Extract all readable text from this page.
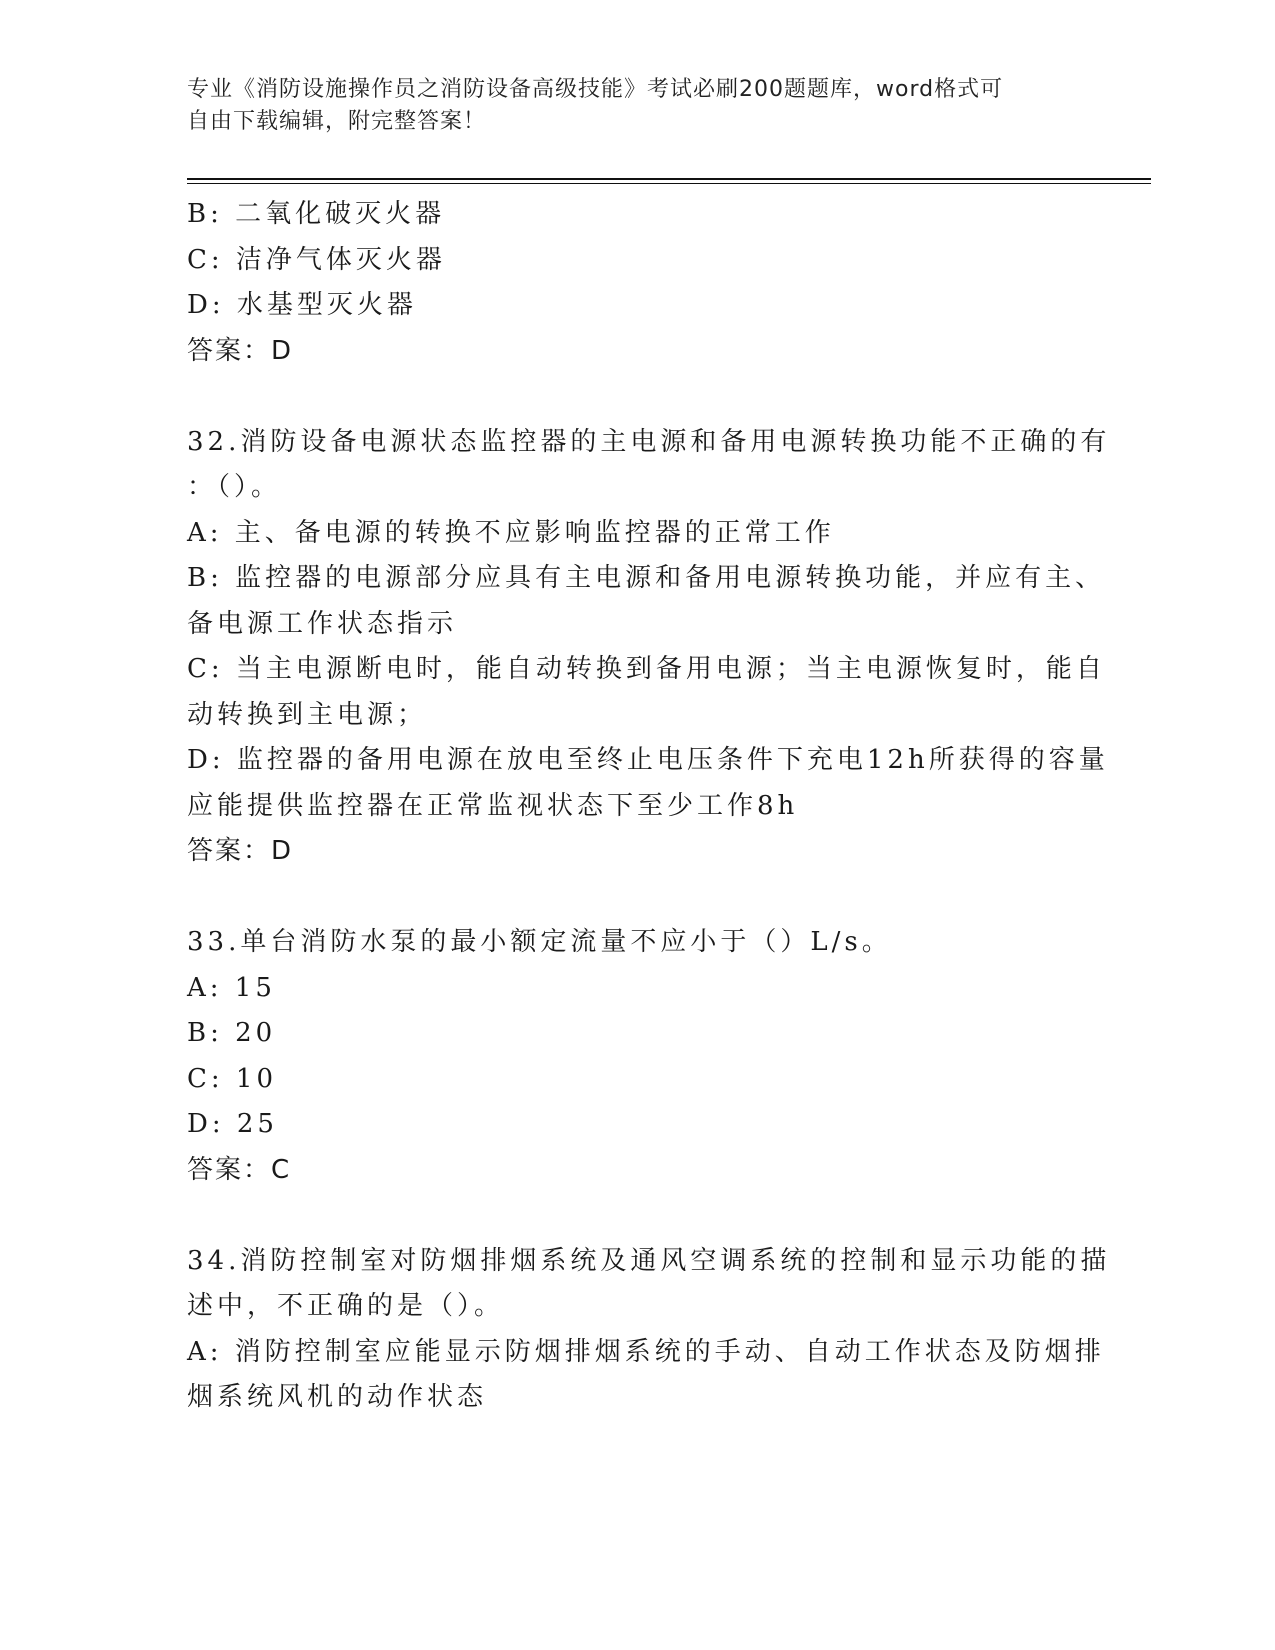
专业《消防设施操作员之消防设备高级技能》考试必刷200题题库，word格式可
自由下载编辑，附完整答案！
B: 二氧化破灭火器
C: 洁净气体灭火器
D: 水基型灭火器
答案：D
32.消防设备电源状态监控器的主电源和备用电源转换功能不正确的有
：（）。
A: 主、备电源的转换不应影响监控器的正常工作
B: 监控器的电源部分应具有主电源和备用电源转换功能，并应有主、
备电源工作状态指示
C: 当主电源断电时，能自动转换到备用电源；当主电源恢复时，能自
动转换到主电源；
D: 监控器的备用电源在放电至终止电压条件下充电12h所获得的容量
应能提供监控器在正常监视状态下至少工作8h
答案：D
33.单台消防水泵的最小额定流量不应小于（）L/s。
A: 15
B: 20
C: 10
D: 25
答案：C
34.消防控制室对防烟排烟系统及通风空调系统的控制和显示功能的描
述中，不正确的是（）。
A: 消防控制室应能显示防烟排烟系统的手动、自动工作状态及防烟排
烟系统风机的动作状态
